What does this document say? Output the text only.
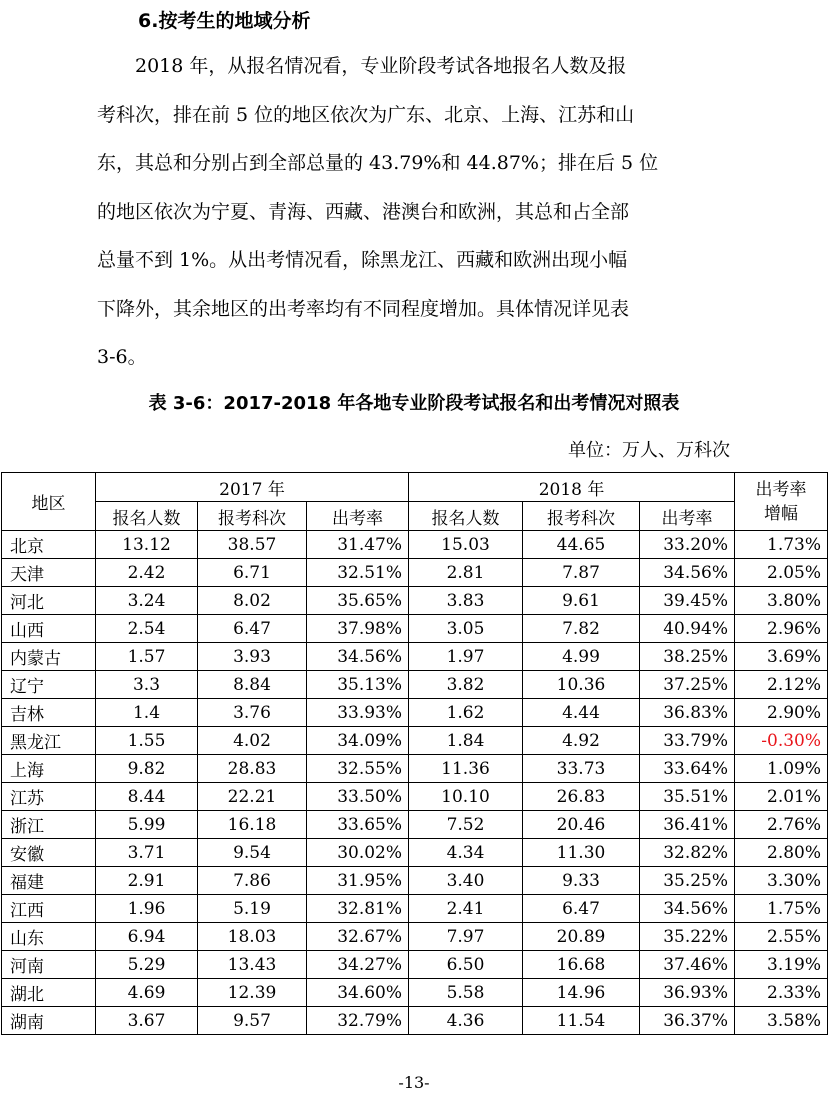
6.按考生的地域分析
　　2018 年，从报名情况看，专业阶段考试各地报名人数及报
考科次，排在前 5 位的地区依次为广东、北京、上海、江苏和山
东，其总和分别占到全部总量的 43.79%和 44.87%；排在后 5 位
的地区依次为宁夏、青海、西藏、港澳台和欧洲，其总和占全部
总量不到 1%。从出考情况看，除黑龙江、西藏和欧洲出现小幅
下降外，其余地区的出考率均有不同程度增加。具体情况详见表
3-6。
表 3-6：2017-2018 年各地专业阶段考试报名和出考情况对照表
单位：万人、万科次
地区	2017 年			2018 年			出考率
增幅

	报名人数	报考科次	出考率	报名人数	报考科次	出考率	
北京	13.12	38.57	31.47%	15.03	44.65	33.20%	1.73%
天津	2.42	6.71	32.51%	2.81	7.87	34.56%	2.05%
河北	3.24	8.02	35.65%	3.83	9.61	39.45%	3.80%
山西	2.54	6.47	37.98%	3.05	7.82	40.94%	2.96%
内蒙古	1.57	3.93	34.56%	1.97	4.99	38.25%	3.69%
辽宁	3.3	8.84	35.13%	3.82	10.36	37.25%	2.12%
吉林	1.4	3.76	33.93%	1.62	4.44	36.83%	2.90%
黑龙江	1.55	4.02	34.09%	1.84	4.92	33.79%	-0.30%
上海	9.82	28.83	32.55%	11.36	33.73	33.64%	1.09%
江苏	8.44	22.21	33.50%	10.10	26.83	35.51%	2.01%
浙江	5.99	16.18	33.65%	7.52	20.46	36.41%	2.76%
安徽	3.71	9.54	30.02%	4.34	11.30	32.82%	2.80%
福建	2.91	7.86	31.95%	3.40	9.33	35.25%	3.30%
江西	1.96	5.19	32.81%	2.41	6.47	34.56%	1.75%
山东	6.94	18.03	32.67%	7.97	20.89	35.22%	2.55%
河南	5.29	13.43	34.27%	6.50	16.68	37.46%	3.19%
湖北	4.69	12.39	34.60%	5.58	14.96	36.93%	2.33%
湖南	3.67	9.57	32.79%	4.36	11.54	36.37%	3.58%
-13-
